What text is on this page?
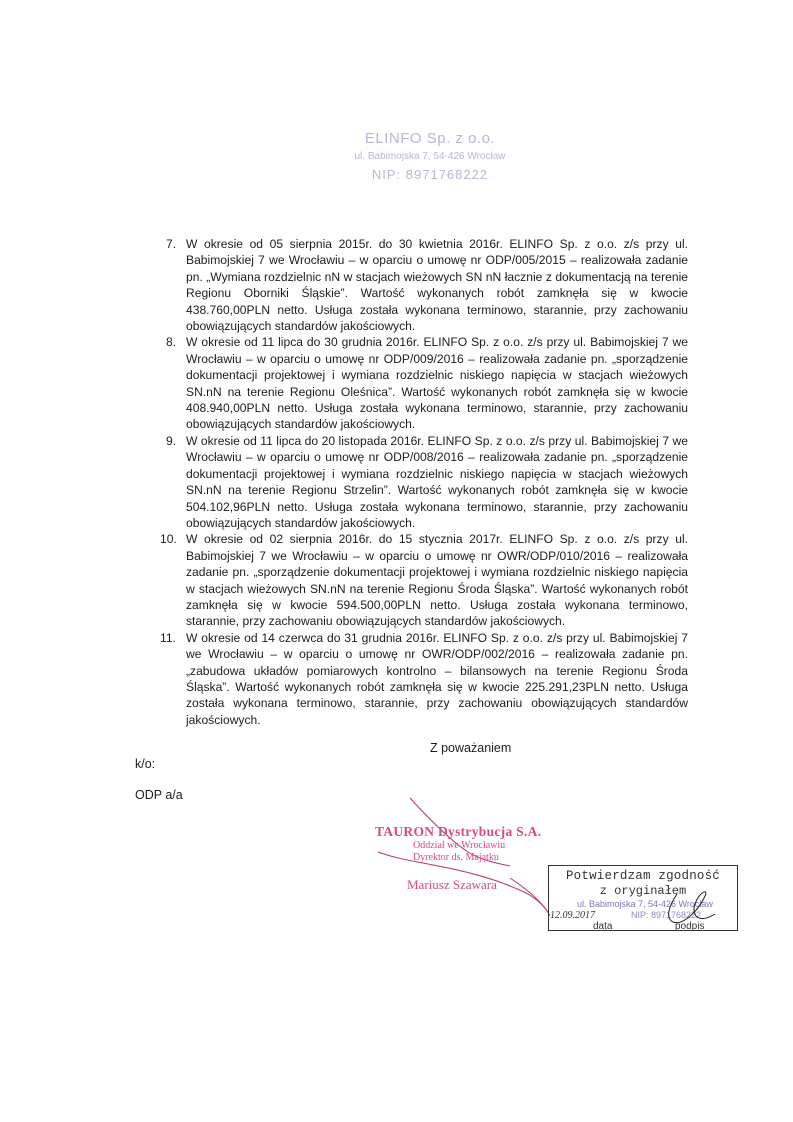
ELINFO Sp. z o.o.
ul. Babimojska 7, 54-426 Wrocław
NIP: 8971768222
7. W okresie od 05 sierpnia 2015r. do 30 kwietnia 2016r. ELINFO Sp. z o.o. z/s przy ul. Babimojskiej 7 we Wrocławiu – w oparciu o umowę nr ODP/005/2015 – realizowała zadanie pn. „Wymiana rozdzielnic nN w stacjach wieżowych SN nN łacznie z dokumentacją na terenie Regionu Oborniki Śląskie”. Wartość wykonanych robót zamknęła się w kwocie 438.760,00PLN netto. Usługa została wykonana terminowo, starannie, przy zachowaniu obowiązujących standardów jakościowych.
8. W okresie od 11 lipca do 30 grudnia 2016r. ELINFO Sp. z o.o. z/s przy ul. Babimojskiej 7 we Wrocławiu – w oparciu o umowę nr ODP/009/2016 – realizowała zadanie pn. „sporządzenie dokumentacji projektowej i wymiana rozdzielnic niskiego napięcia w stacjach wieżowych SN.nN na terenie Regionu Oleśnica”. Wartość wykonanych robót zamknęła się w kwocie 408.940,00PLN netto. Usługa została wykonana terminowo, starannie, przy zachowaniu obowiązujących standardów jakościowych.
9. W okresie od 11 lipca do 20 listopada 2016r. ELINFO Sp. z o.o. z/s przy ul. Babimojskiej 7 we Wrocławiu – w oparciu o umowę nr ODP/008/2016 – realizowała zadanie pn. „sporządzenie dokumentacji projektowej i wymiana rozdzielnic niskiego napięcia w stacjach wieżowych SN.nN na terenie Regionu Strzelin”. Wartość wykonanych robót zamknęła się w kwocie 504.102,96PLN netto. Usługa została wykonana terminowo, starannie, przy zachowaniu obowiązujących standardów jakościowych.
10. W okresie od 02 sierpnia 2016r. do 15 stycznia 2017r. ELINFO Sp. z o.o. z/s przy ul. Babimojskiej 7 we Wrocławiu – w oparciu o umowę nr OWR/ODP/010/2016 – realizowała zadanie pn. „sporządzenie dokumentacji projektowej i wymiana rozdzielnic niskiego napięcia w stacjach wieżowych SN.nN na terenie Regionu Środa Śląska”. Wartość wykonanych robót zamknęła się w kwocie 594.500,00PLN netto. Usługa została wykonana terminowo, starannie, przy zachowaniu obowiązujących standardów jakościowych.
11. W okresie od 14 czerwca do 31 grudnia 2016r. ELINFO Sp. z o.o. z/s przy ul. Babimojskiej 7 we Wrocławiu – w oparciu o umowę nr OWR/ODP/002/2016 – realizowała zadanie pn. „zabudowa układów pomiarowych kontrolno – bilansowych na terenie Regionu Środa Śląska”. Wartość wykonanych robót zamknęła się w kwocie 225.291,23PLN netto. Usługa została wykonana terminowo, starannie, przy zachowaniu obowiązujących standardów jakościowych.
Z poważaniem
k/o:
ODP a/a
TAURON Dystrybucja S.A.
Oddział we Wrocławiu
Dyrektor ds. Majątku
Mariusz Szawara
Potwierdzam zgodność
z oryginałem
ul. Babimojska 7, 54-426 Wrocław
NIP: 8971768222
12.09.2017
data	podpis
